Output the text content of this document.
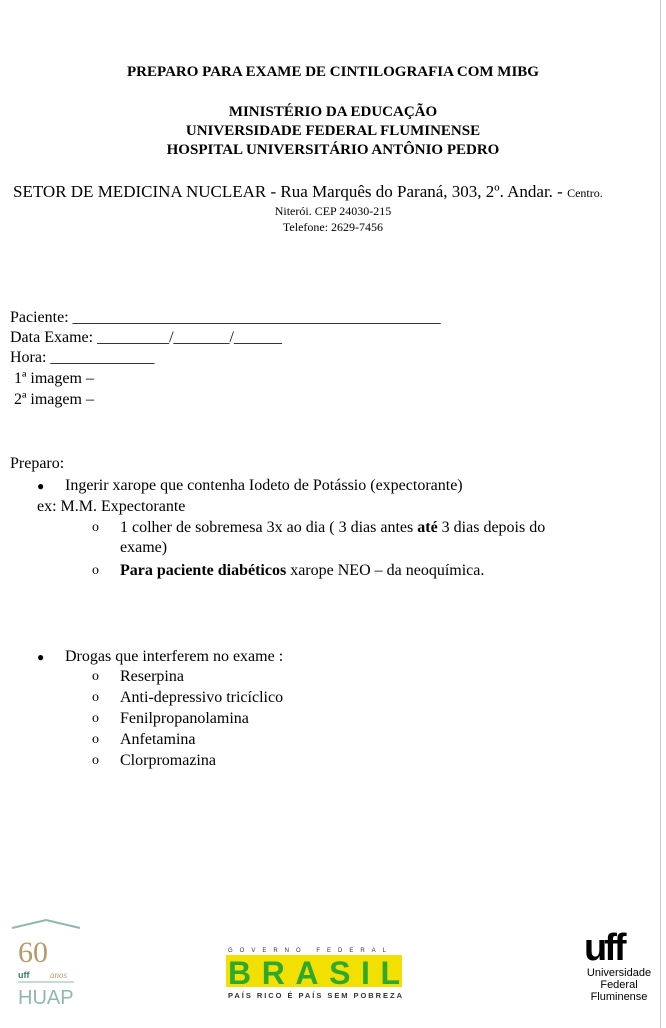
PREPARO PARA EXAME DE CINTILOGRAFIA COM MIBG
MINISTÉRIO DA EDUCAÇÃO
UNIVERSIDADE FEDERAL FLUMINENSE
HOSPITAL UNIVERSITÁRIO ANTÔNIO PEDRO
SETOR DE MEDICINA NUCLEAR - Rua Marquês do Paraná, 303, 2º. Andar. - Centro.
Niterói. CEP 24030-215
Telefone: 2629-7456
Paciente: ______________________________________________
Data Exame: _________/_______/______
Hora: _____________
1ª imagem –
2ª imagem –
Preparo:
● Ingerir xarope que contenha Iodeto de Potássio (expectorante)
ex: M.M. Expectorante
o 1 colher de sobremesa 3x ao dia ( 3 dias antes até 3 dias depois do
exame)
o Para paciente diabéticos xarope NEO – da neoquímica.
● Drogas que interferem no exame :
o Reserpina
o Anti-depressivo tricíclico
o Fenilpropanolamina
o Anfetamina
o Clorpromazina
60
uff anos
HUAP
GOVERNO FEDERAL
BRASIL
PAÍS RICO É PAÍS SEM POBREZA
uff
Universidade
Federal
Fluminense
